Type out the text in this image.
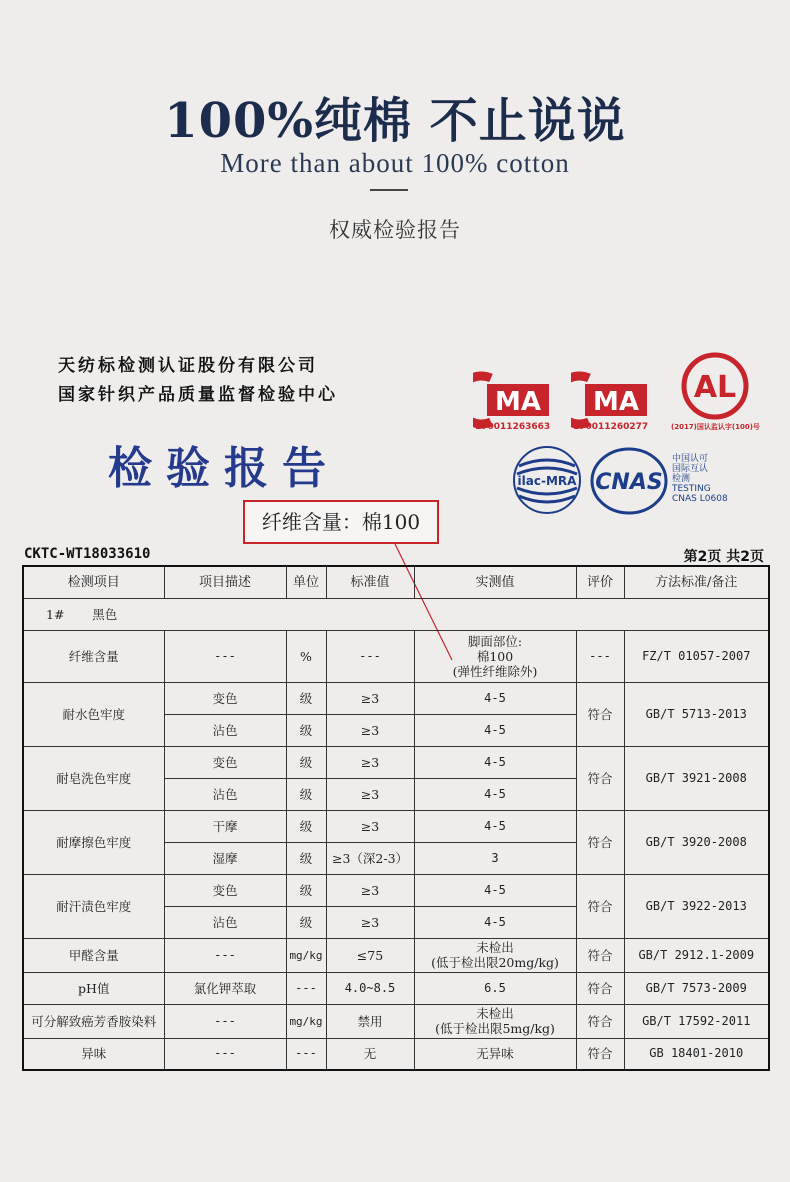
100%纯棉 不止说说
More than about 100% cotton
权威检验报告
天纺标检测认证股份有限公司
国家针织产品质量监督检验中心
检验报告
MA
170011263663
MA
170011260277
AL
(2017)国认监认字(100)号
ilac-MRA CNAS
中国认可
国际互认
检测
TESTING
CNAS L0608
纤维含量：棉100
CKTC-WT18033610	第2页 共2页
检测项目	项目描述	单位	标准值	实测值	评价	方法标准/备注
1# 黑色						
纤维含量	---	%	---	脚面部位:
棉100
(弹性纤维除外)	---	FZ/T 01057-2007
耐水色牢度	变色	级	≥3	4-5	符合	GB/T 5713-2013
	沾色	级	≥3	4-5		
耐皂洗色牢度	变色	级	≥3	4-5	符合	GB/T 3921-2008
	沾色	级	≥3	4-5		
耐摩擦色牢度	干摩	级	≥3	4-5	符合	GB/T 3920-2008
	湿摩	级	≥3（深2-3）	3		
耐汗渍色牢度	变色	级	≥3	4-5	符合	GB/T 3922-2013
	沾色	级	≥3	4-5		
甲醛含量	---	mg/kg	≤75	未检出
(低于检出限20mg/kg)	符合	GB/T 2912.1-2009
pH值	氯化钾萃取	---	4.0~8.5	6.5	符合	GB/T 7573-2009
可分解致癌芳香胺染料	---	mg/kg	禁用	未检出
(低于检出限5mg/kg)	符合	GB/T 17592-2011
异味	---	---	无	无异味	符合	GB 18401-2010
